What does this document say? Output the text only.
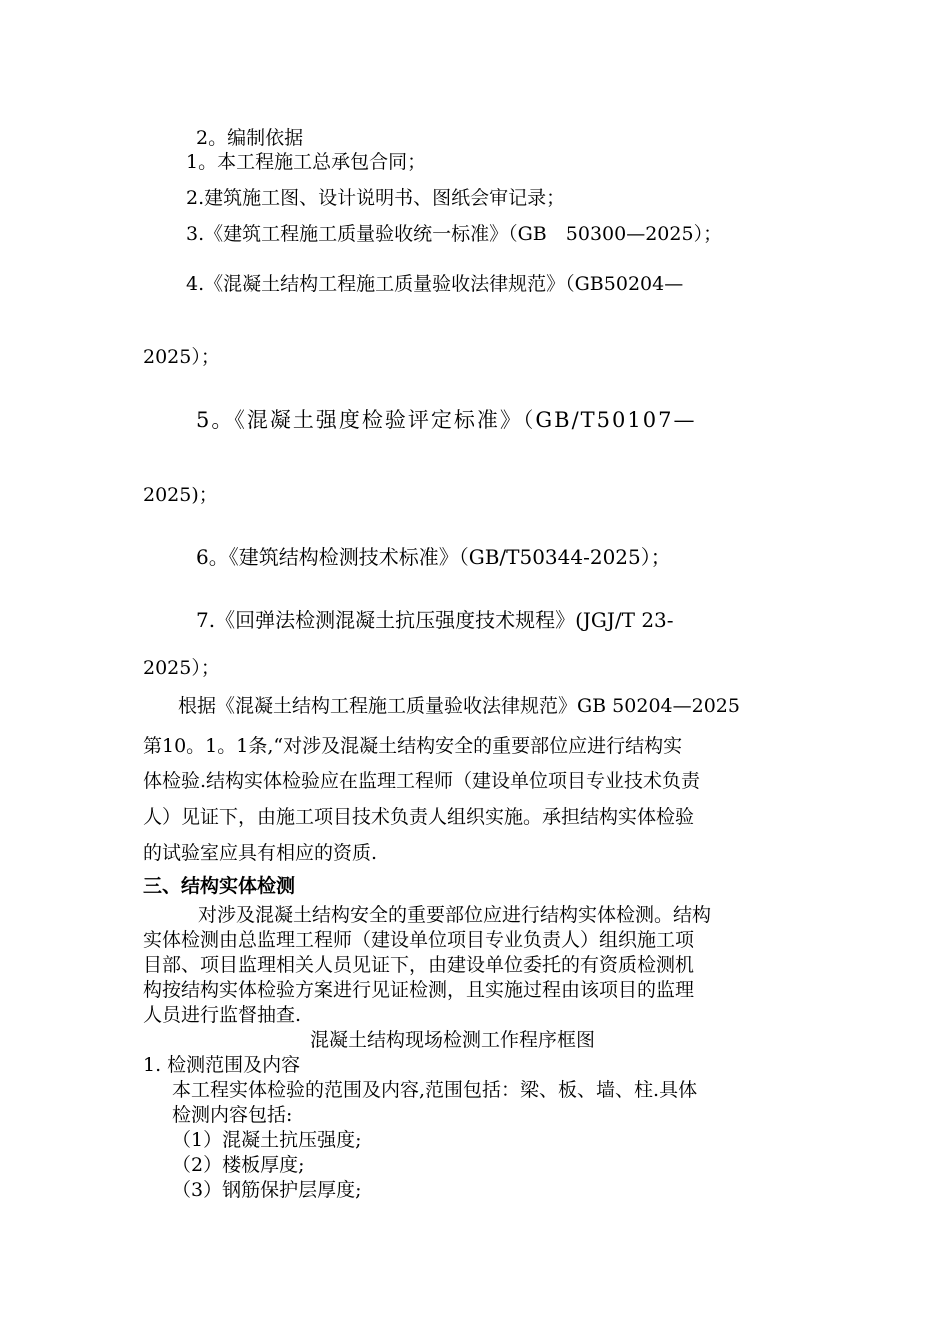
2。编制依据

1。本工程施工总承包合同；

2.建筑施工图、设计说明书、图纸会审记录；

3.《建筑工程施工质量验收统一标准》（GB　50300—2025）；

4.《混凝土结构工程施工质量验收法律规范》（GB50204—

2025）；

5。《混凝土强度检验评定标准》（GB/T50107—

2025)；

6。《建筑结构检测技术标准》（GB/T50344-2025）；

7.《回弹法检测混凝土抗压强度技术规程》(JGJ/T 23-

2025）；

根据《混凝土结构工程施工质量验收法律规范》GB 50204—2025

第10。1。1条,“对涉及混凝土结构安全的重要部位应进行结构实

体检验.结构实体检验应在监理工程师（建设单位项目专业技术负责

人）见证下，由施工项目技术负责人组织实施。承担结构实体检验

的试验室应具有相应的资质.

三、结构实体检测

对涉及混凝土结构安全的重要部位应进行结构实体检测。结构

实体检测由总监理工程师（建设单位项目专业负责人）组织施工项

目部、项目监理相关人员见证下，由建设单位委托的有资质检测机

构按结构实体检验方案进行见证检测，且实施过程由该项目的监理

人员进行监督抽查.

混凝土结构现场检测工作程序框图

1. 检测范围及内容

本工程实体检验的范围及内容,范围包括：梁、板、墙、柱.具体

检测内容包括:

（1）混凝土抗压强度;

（2）楼板厚度;

（3）钢筋保护层厚度;
